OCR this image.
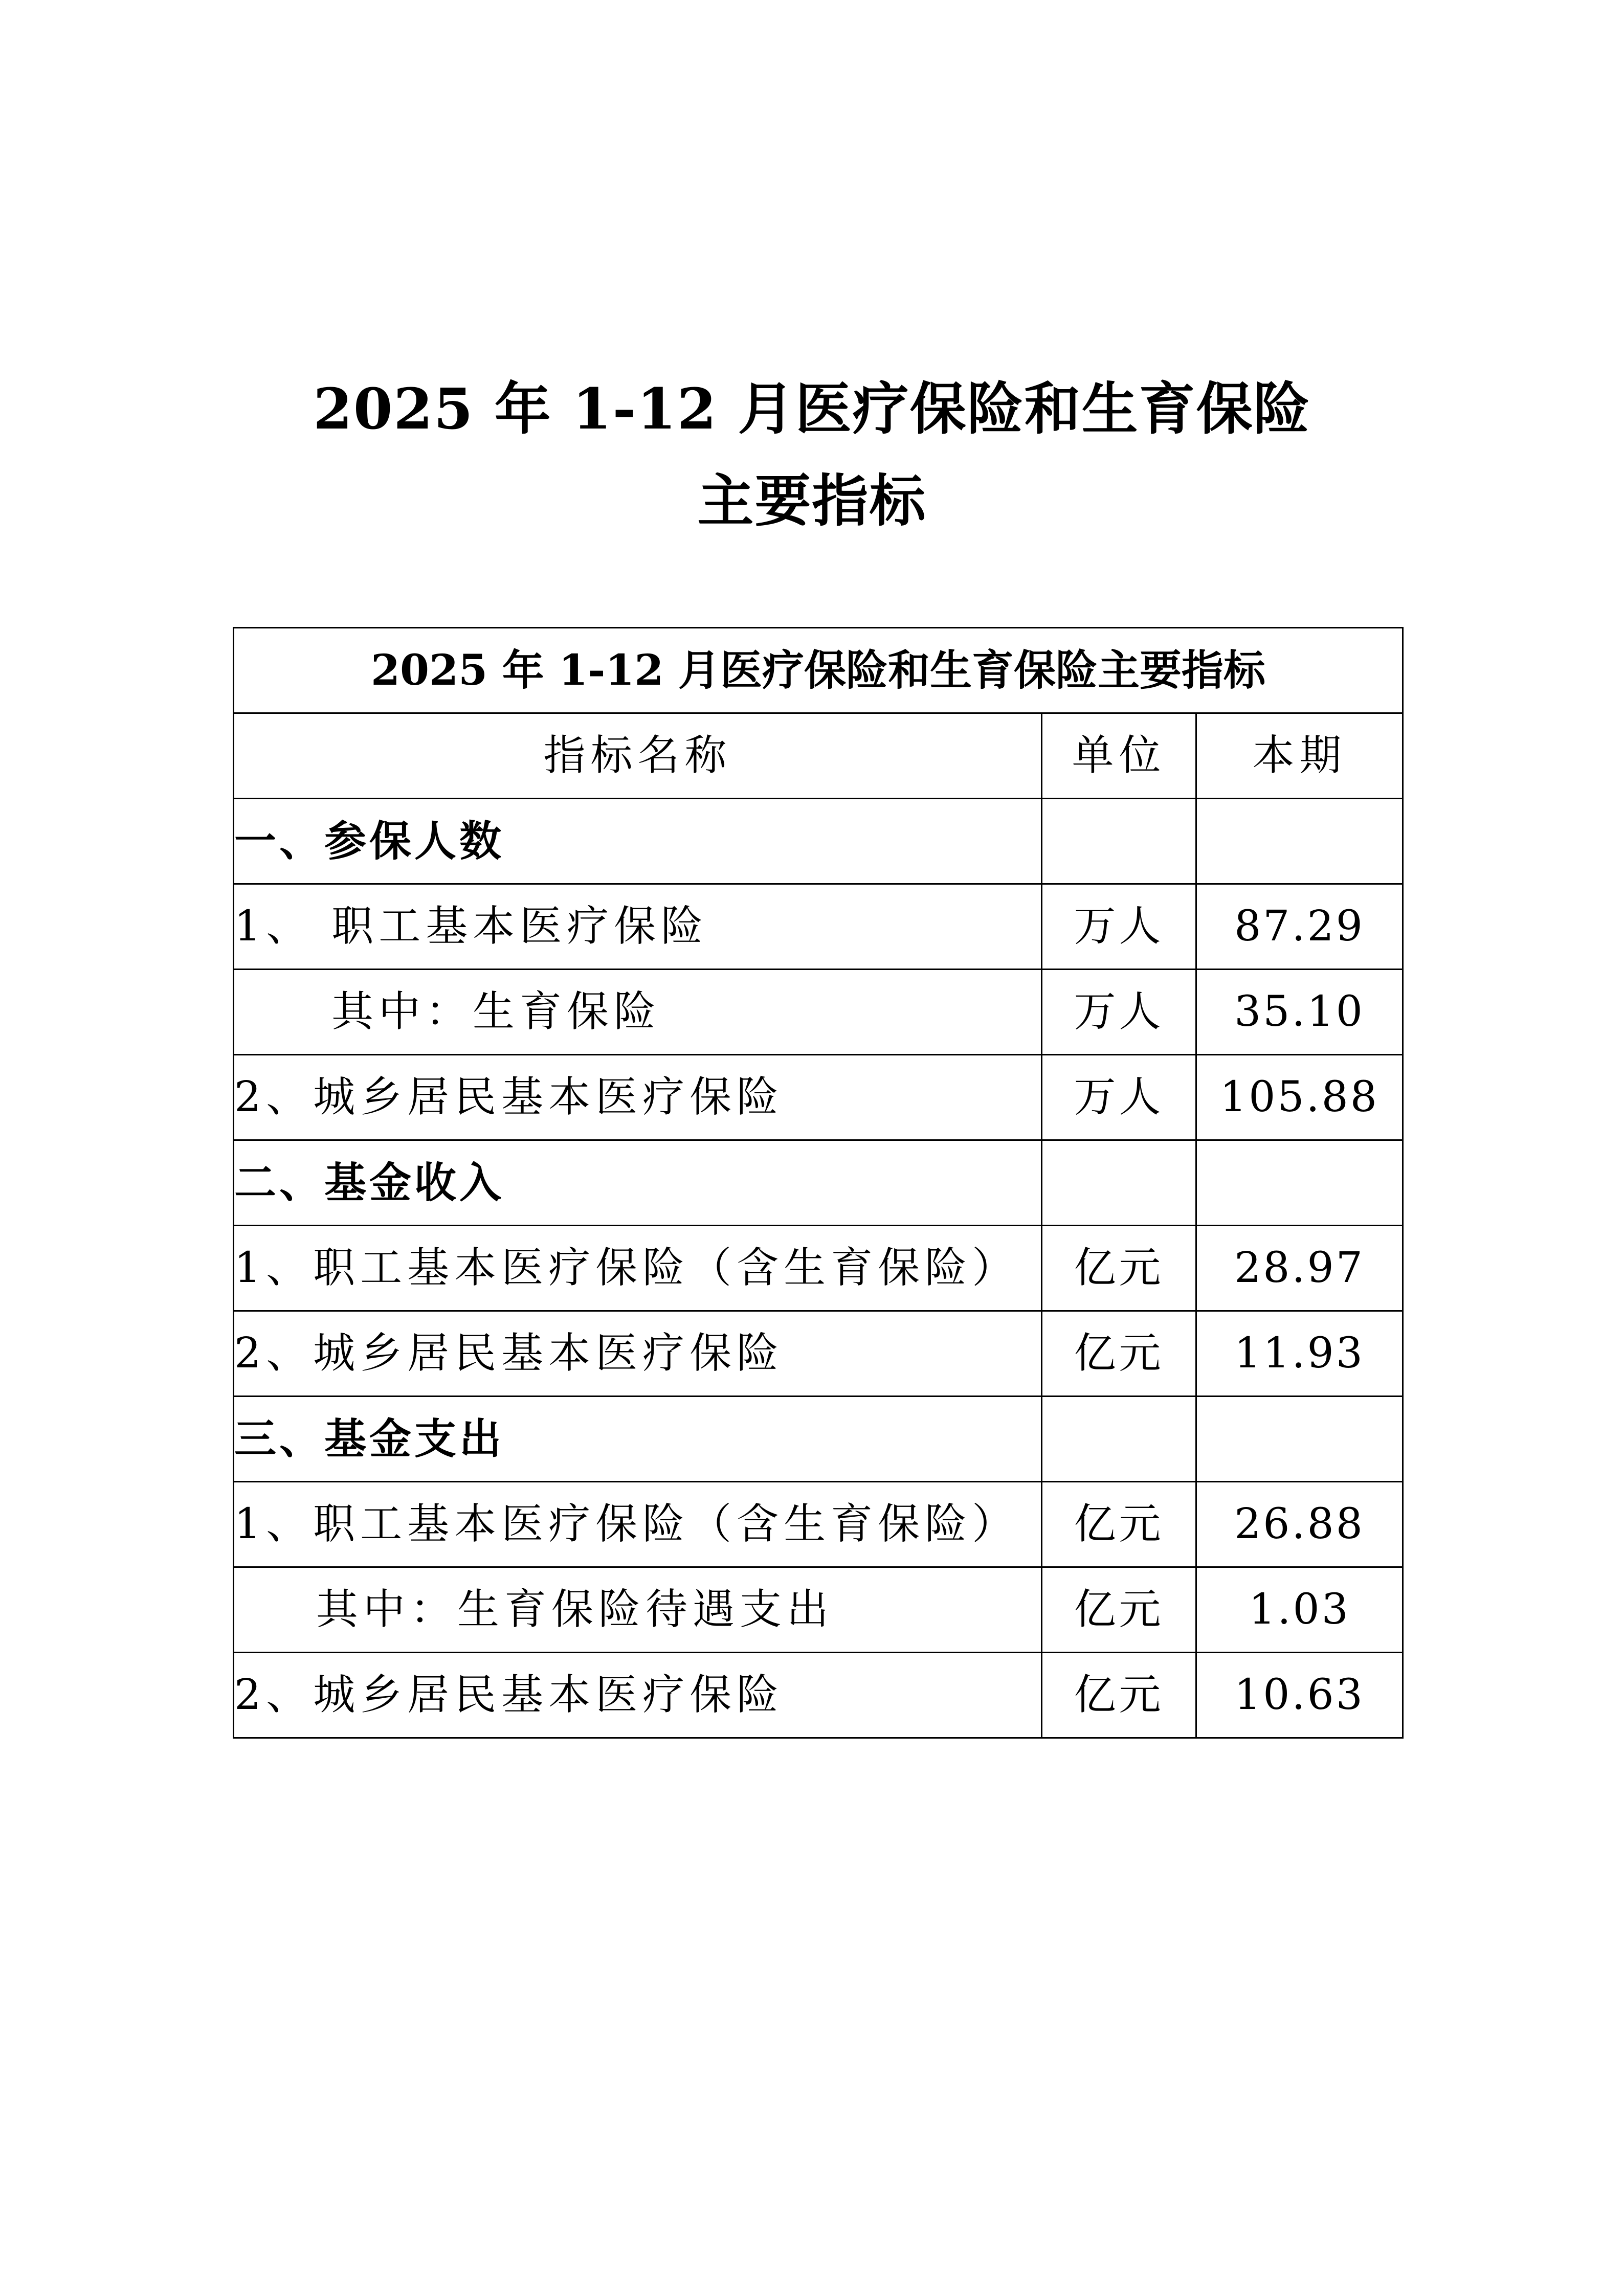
2025 年 1-12 月医疗保险和生育保险
主要指标
2025 年 1-12 月医疗保险和生育保险主要指标		
指标名称	单位	本期
一、参保人数		
1、 职工基本医疗保险	万人	87.29
其中：生育保险	万人	35.10
2、城乡居民基本医疗保险	万人	105.88
二、基金收入		
1、职工基本医疗保险（含生育保险）	亿元	28.97
2、城乡居民基本医疗保险	亿元	11.93
三、基金支出		
1、职工基本医疗保险（含生育保险）	亿元	26.88
其中：生育保险待遇支出	亿元	1.03
2、城乡居民基本医疗保险	亿元	10.63
